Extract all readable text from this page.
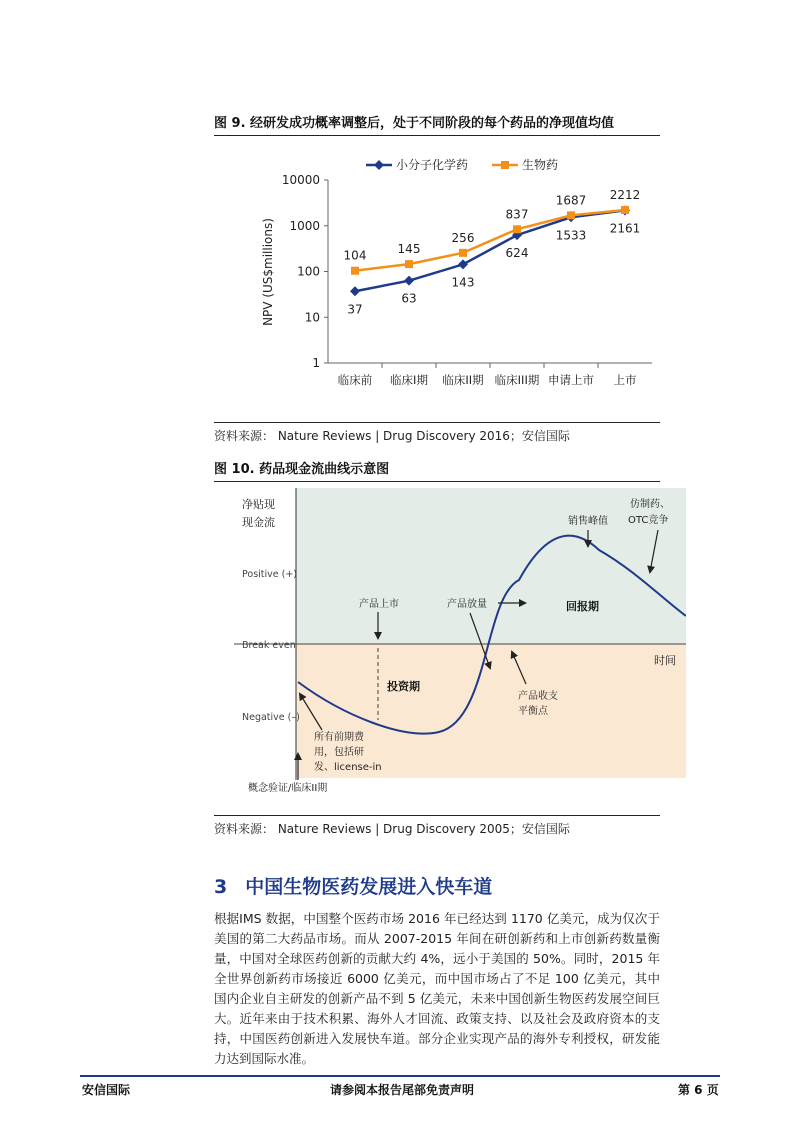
图 9. 经研发成功概率调整后，处于不同阶段的每个药品的净现值均值
小分子化学药	生物药
NPV (US$millions)
1
10
100
1000
10000
临床前 临床I期 临床II期 临床III期 申请上市 上市
37
63
143
624
1533 2161
104	145
256
837
1687 2212
资料来源： Nature Reviews | Drug Discovery 2016；安信国际
图 10. 药品现金流曲线示意图
净贴现
现金流
Positive (+)
Break even
Negative (–)
时间
产品上市	产品放量	回报期
投资期
销售峰值
仿制药、
OTC竞争
产品收支
平衡点
所有前期费
用，包括研
发、license-in
概念验证/临床II期
资料来源： Nature Reviews | Drug Discovery 2005；安信国际
3 中国生物医药发展进入快车道

根据IMS 数据，中国整个医药市场 2016 年已经达到 1170 亿美元，成为仅次于美国的第二大药品市场。而从 2007-2015 年间在研创新药和上市创新药数量衡量，中国对全球医药创新的贡献大约 4%，远小于美国的 50%。同时，2015 年全世界创新药市场接近 6000 亿美元，而中国市场占了不足 100 亿美元，其中国内企业自主研发的创新产品不到 5 亿美元，未来中国创新生物医药发展空间巨大。近年来由于技术积累、海外人才回流、政策支持、以及社会及政府资本的支持，中国医药创新进入发展快车道。部分企业实现产品的海外专利授权，研发能力达到国际水准。

安信国际	请参阅本报告尾部免责声明	第 6 页
